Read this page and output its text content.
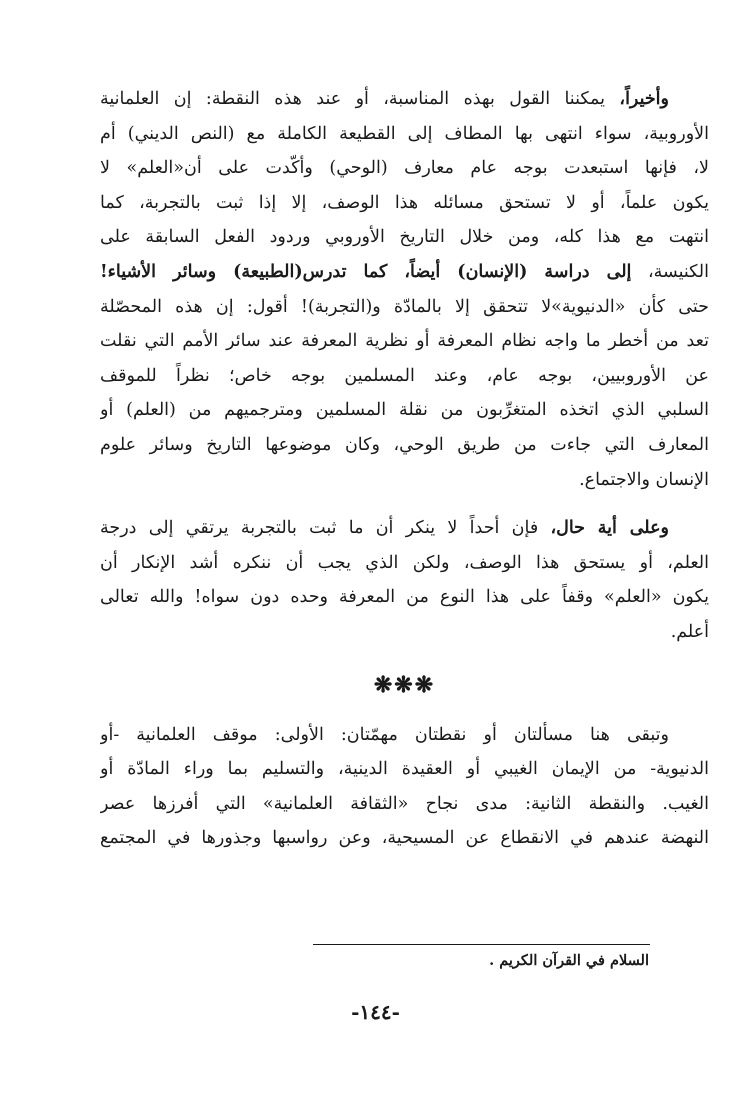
وأخيراً، يمكننا القول بهذه المناسبة، أو عند هذه النقطة: إن العلمانية
الأوروبية، سواء انتهى بها المطاف إلى القطيعة الكاملة مع (النص الديني) أم
لا، فإنها استبعدت بوجه عام معارف (الوحي) وأكّدت على أن«العلم» لا
يكون علماً، أو لا تستحق مسائله هذا الوصف، إلا إذا ثبت بالتجربة، كما
انتهت مع هذا كله، ومن خلال التاريخ الأوروبي وردود الفعل السابقة على
الكنيسة، إلى دراسة (الإنسان) أيضاً، كما تدرس(الطبيعة) وسائر الأشياء!
حتى كأن «الدنيوية»لا تتحقق إلا بالمادّة و(التجربة)! أقول: إن هذه المحصّلة
تعد من أخطر ما واجه نظام المعرفة أو نظرية المعرفة عند سائر الأمم التي نقلت
عن الأوروبيين، بوجه عام، وعند المسلمين بوجه خاص؛ نظراً للموقف
السلبي الذي اتخذه المتغرِّبون من نقلة المسلمين ومترجميهم من (العلم) أو
المعارف التي جاءت من طريق الوحي، وكان موضوعها التاريخ وسائر علوم
الإنسان والاجتماع.

وعلى أية حال، فإن أحداً لا ينكر أن ما ثبت بالتجربة يرتقي إلى درجة
العلم، أو يستحق هذا الوصف، ولكن الذي يجب أن ننكره أشد الإنكار أن
يكون «العلم» وقفاً على هذا النوع من المعرفة وحده دون سواه! والله تعالى
أعلم.

❋❋❋

وتبقى هنا مسألتان أو نقطتان مهمّتان: الأولى: موقف العلمانية -أو
الدنيوية- من الإيمان الغيبي أو العقيدة الدينية، والتسليم بما وراء المادّة أو
الغيب. والنقطة الثانية: مدى نجاح «الثقافة العلمانية» التي أفرزها عصر
النهضة عندهم في الانقطاع عن المسيحية، وعن رواسبها وجذورها في المجتمع

السلام في القرآن الكريم .
-١٤٤-
